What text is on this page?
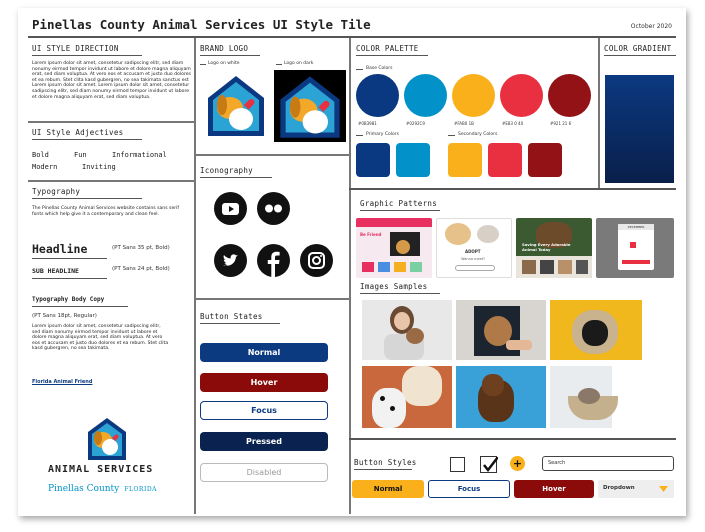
Pinellas County Animal Services UI Style Tile	October 2020
UI STYLE DIRECTION
Lorem ipsum dolor sit amet, consetetur sadipscing elitr, sed diam nonumy eirmod tempor invidunt ut labore et dolore magna aliquyam erat, sed diam voluptua. At vero eos et accusam et justo duo dolores et ea rebum. Stet clita kasd gubergren, no sea takimata sanctus est Lorem ipsum dolor sit amet. Lorem ipsum dolor sit amet, consetetur sadipscing elitr, sed diam nonumy eirmod tempor invidunt ut labore et dolore magna aliquyam erat, sed diam voluptua.
UI Style Adjectives
Bold	Fun	Informational
Modern	Inviting
Typography
The Pinellas County Animal Services website contains sans serif fonts which help give it a contemporary and clean feel.
Headline	(PT Sans 35 pt, Bold)
SUB HEADLINE	(PT Sans 24 pt, Bold)
Typography Body Copy
(PT Sans 18pt, Regular)
Lorem ipsum dolor sit amet, consetetur sadipscing elitr, sed diam nonumy eirmod tempor invidunt ut labore et dolore magna aliquyam erat, sed diam voluptua. At vero eos et accusam et justo duo dolores et ea rebum. Stet clita kasd gubergren, no sea takimata.
Florida Animal Friend
ANIMAL SERVICES
Pinellas County FLORIDA
BRAND LOGO
Logo on white	Logo on dark
Iconography
Button States
Normal
Hover
Focus
Pressed
Disabled
COLOR PALETTE
Base Colors
#0B3981	#0292C9	#FAB0 1B	#E83 0 40	#921 21 6
Primary Colors	Secondary Colors
COLOR GRADIENT
Graphic Patterns
Be Friend
ADOPT
Wanna meet?
Saving Every Adorable Animal Today
DECEMBER
Images Samples
Button Styles	+	Search
Normal	Focus	Hover	Dropdown
